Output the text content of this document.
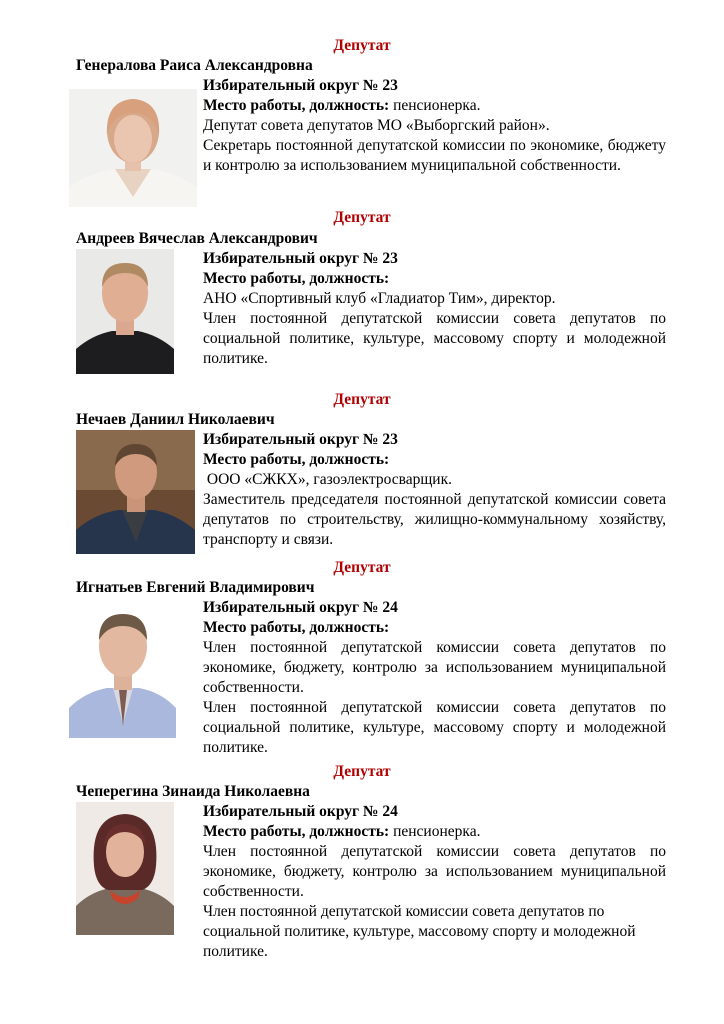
Депутат
Генералова Раиса Александровна

Избирательный округ № 23

Место работы, должность: пенсионерка.

Депутат совета депутатов МО «Выборгский район».

Секретарь постоянной депутатской комиссии по экономике, бюджету и контролю за использованием муниципальной собственности.

Депутат
Андреев Вячеслав Александрович

Избирательный округ № 23

Место работы, должность:

АНО «Спортивный клуб «Гладиатор Тим», директор.

Член постоянной депутатской комиссии совета депутатов по социальной политике, культуре, массовому спорту и молодежной политике.

Депутат
Нечаев Даниил Николаевич

Избирательный округ № 23

Место работы, должность:

ООО «СЖКХ», газоэлектросварщик.

Заместитель председателя постоянной депутатской комиссии совета депутатов по строительству, жилищно-коммунальному хозяйству, транспорту и связи.

Депутат
Игнатьев Евгений Владимирович

Избирательный округ № 24

Место работы, должность:

Член постоянной депутатской комиссии совета депутатов по экономике, бюджету, контролю за использованием муниципальной собственности.

Член постоянной депутатской комиссии совета депутатов по социальной политике, культуре, массовому спорту и молодежной политике.

Депутат
Чеперегина Зинаида Николаевна

Избирательный округ № 24

Место работы, должность: пенсионерка.

Член постоянной депутатской комиссии совета депутатов по экономике, бюджету, контролю за использованием муниципальной собственности.

Член постоянной депутатской комиссии совета депутатов по социальной политике, культуре, массовому спорту и молодежной политике.
